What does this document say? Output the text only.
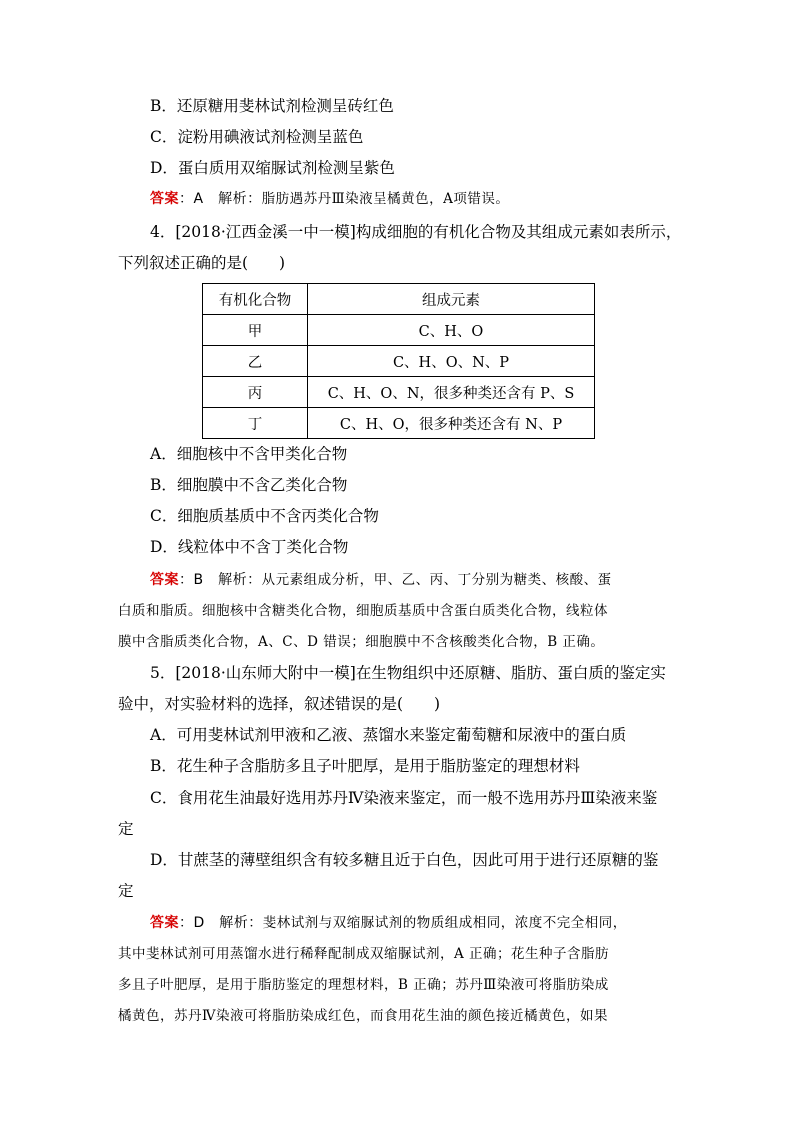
B．还原糖用斐林试剂检测呈砖红色
C．淀粉用碘液试剂检测呈蓝色
D．蛋白质用双缩脲试剂检测呈紫色
答案：A　解析：脂肪遇苏丹Ⅲ染液呈橘黄色，A项错误。
4．[2018·江西金溪一中一模]构成细胞的有机化合物及其组成元素如表所示，
下列叙述正确的是(　　)
有机化合物	组成元素
甲	C、H、O
乙	C、H、O、N、P
丙	C、H、O、N，很多种类还含有 P、S
丁	C、H、O，很多种类还含有 N、P
A．细胞核中不含甲类化合物
B．细胞膜中不含乙类化合物
C．细胞质基质中不含丙类化合物
D．线粒体中不含丁类化合物
答案：B　解析：从元素组成分析，甲、乙、丙、丁分别为糖类、核酸、蛋
白质和脂质。细胞核中含糖类化合物，细胞质基质中含蛋白质类化合物，线粒体
膜中含脂质类化合物，A、C、D 错误；细胞膜中不含核酸类化合物，B 正确。
5．[2018·山东师大附中一模]在生物组织中还原糖、脂肪、蛋白质的鉴定实
验中，对实验材料的选择，叙述错误的是(　　)
A．可用斐林试剂甲液和乙液、蒸馏水来鉴定葡萄糖和尿液中的蛋白质
B．花生种子含脂肪多且子叶肥厚，是用于脂肪鉴定的理想材料
C．食用花生油最好选用苏丹Ⅳ染液来鉴定，而一般不选用苏丹Ⅲ染液来鉴
定
D．甘蔗茎的薄壁组织含有较多糖且近于白色，因此可用于进行还原糖的鉴
定
答案：D　解析：斐林试剂与双缩脲试剂的物质组成相同，浓度不完全相同，
其中斐林试剂可用蒸馏水进行稀释配制成双缩脲试剂，A 正确；花生种子含脂肪
多且子叶肥厚，是用于脂肪鉴定的理想材料，B 正确；苏丹Ⅲ染液可将脂肪染成
橘黄色，苏丹Ⅳ染液可将脂肪染成红色，而食用花生油的颜色接近橘黄色，如果
